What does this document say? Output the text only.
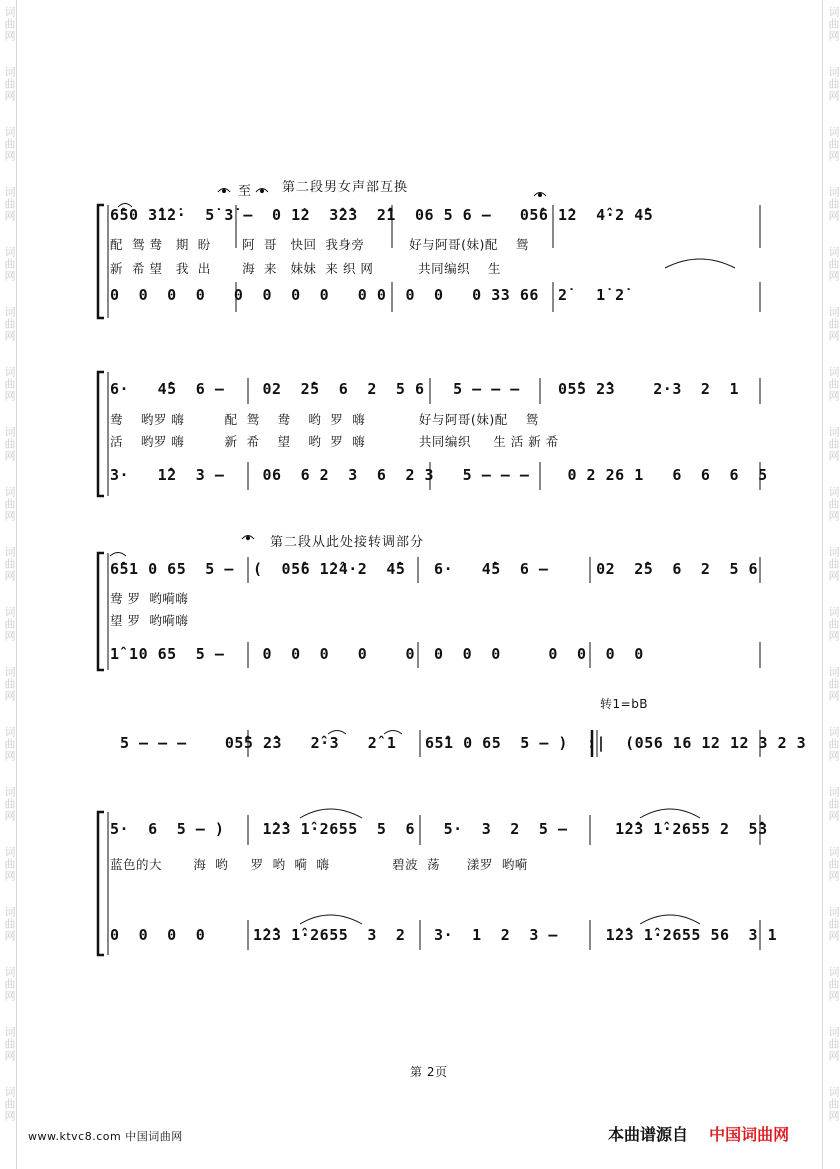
词曲网
词曲网
词曲网
词曲网
词曲网
词曲网
词曲网
词曲网
词曲网
词曲网
词曲网
词曲网
词曲网
词曲网
词曲网
词曲网
词曲网
词曲网
词曲网
词曲网
词曲网
词曲网
词曲网
词曲网
词曲网
词曲网
词曲网
词曲网
词曲网
词曲网
词曲网
词曲网
词曲网
词曲网
词曲网
词曲网
词曲网
词曲网
至 第二段男女声部互换
第二段从此处接转调部分
转1=bB
6̂50 3̂1̇2̇·  5̇ 3̇ –  0 1̇2  3̂2̂3  2̂1  06 5 6 –   05̂6 1̇2  4̂·2 4̂5
配  鸳 鸯   期  盼       阿  哥   快回  我身旁          好与阿哥(妹)配    鸳
新  希 望   我  出       海  来   妹妹  来 织 网          共同编织    生
0  0  0  0   0  0  0  0   0 0  0  0   0 33 66  2̇   1̇ 2̇
6·   4̂5  6 –    02  2̂5  6  2  5 6   5 – – –    05̂5 2̂3    2·3  2  1
鸯    哟罗 嗨         配  鸳    鸯    哟  罗  嗨            好与阿哥(妹)配    鸳
活    哟罗 嗨         新  希    望    哟  罗  嗨            共同编织     生 活 新 希
3·   1̂2  3 –    06  6 2  3  6  2 3   5 – – –    0 2 26 1   6  6  6  5
6̂51 0 65  5 –  (  05̂6 1̇2̂4·2  4̂5   6·   4̂5  6 –     02  2̂5  6  2  5 6
鸯 罗  哟嗬嗨
望 罗  哟嗬嗨
1̂ 10 65  5 –    0  0  0   0    0  0  0  0     0  0  0  0
5 – – –    05̂5 2̂3   2̂·3   2̂ 1   65̂1 0 65  5 – )  :|  (056 16 12 12 3 2 3
5·  6  5 – )    1̇2̂3 1̂·2655  5  6   5·  3  2  5 –     1̇2̂3 1̂·2655 2  5̂3
蓝色的大       海  哟     罗  哟  嗬  嗨              碧波  荡      漾罗  哟嗬
0  0  0  0     1̇2̂3 1̂·2655  3  2   3·  1  2  3 –     1̇2̂3 1̂·2655 56  3 1
第 2页
www.ktvc8.com 中国词曲网	本曲谱源自 中国词曲网
